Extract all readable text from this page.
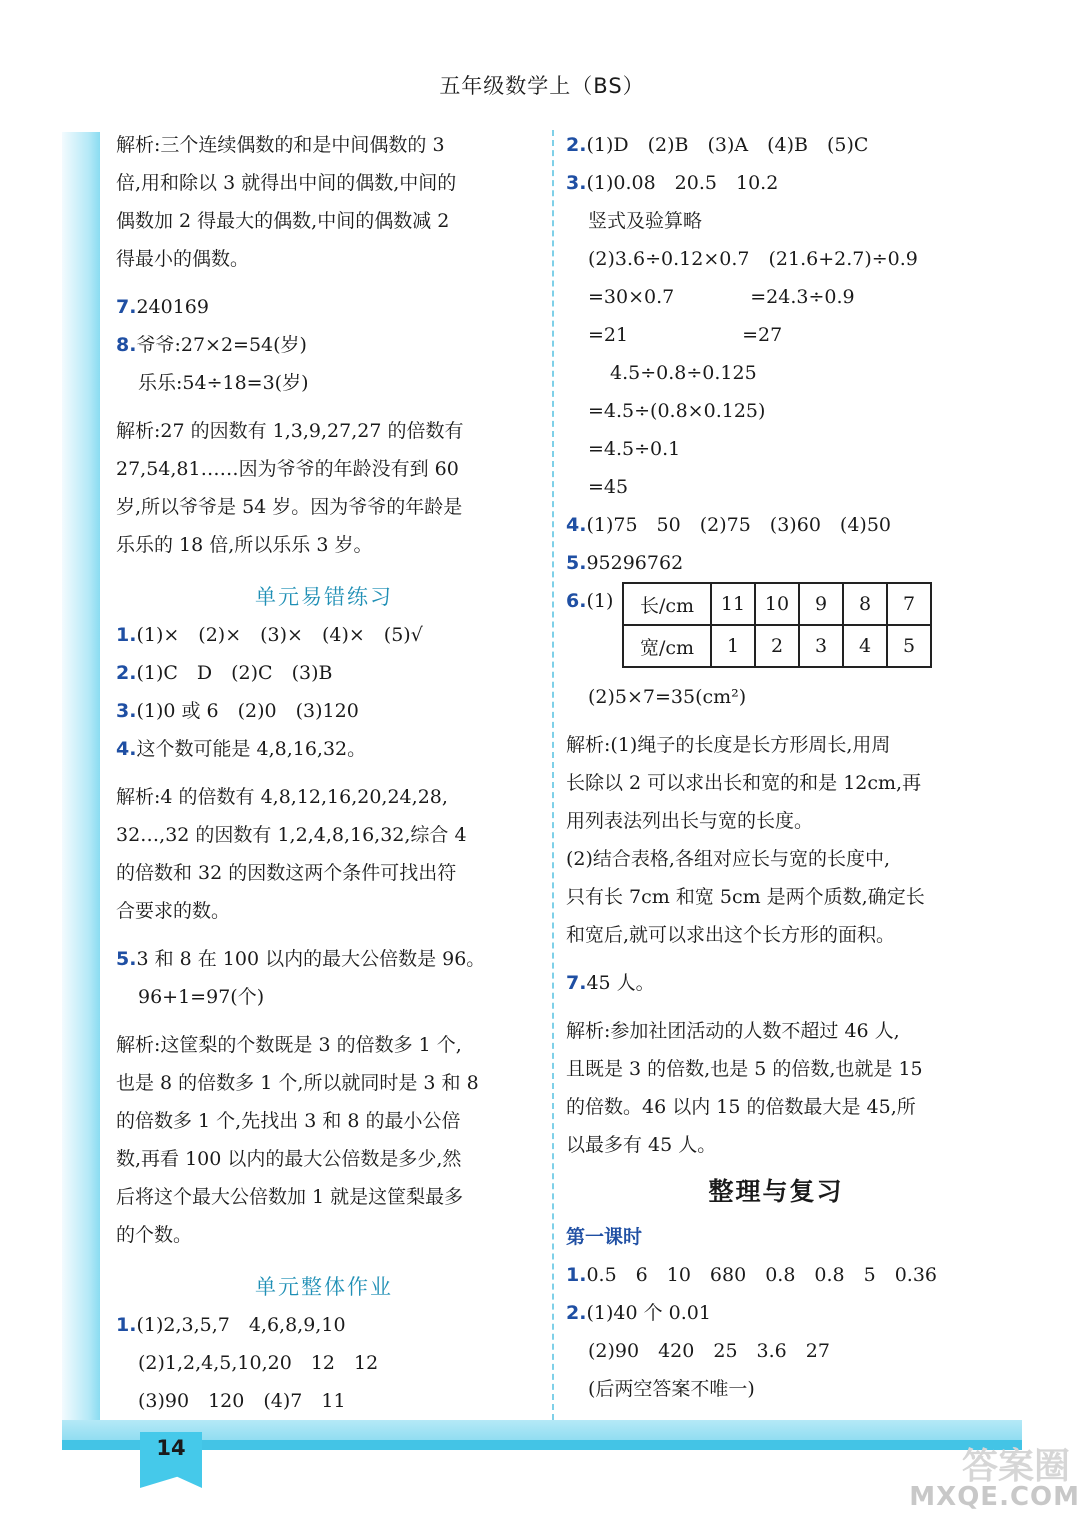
五年级数学上（BS）
14
解析:三个连续偶数的和是中间偶数的 3
倍,用和除以 3 就得出中间的偶数,中间的
偶数加 2 得最大的偶数,中间的偶数减 2
得最小的偶数。
7.240169
8.爷爷:27×2=54(岁)
乐乐:54÷18=3(岁)
解析:27 的因数有 1,3,9,27,27 的倍数有
27,54,81……因为爷爷的年龄没有到 60
岁,所以爷爷是 54 岁。因为爷爷的年龄是
乐乐的 18 倍,所以乐乐 3 岁。
单元易错练习
1.(1)×　(2)×　(3)×　(4)×　(5)√
2.(1)C　D　(2)C　(3)B
3.(1)0 或 6　(2)0　(3)120
4.这个数可能是 4,8,16,32。
解析:4 的倍数有 4,8,12,16,20,24,28,
32…,32 的因数有 1,2,4,8,16,32,综合 4
的倍数和 32 的因数这两个条件可找出符
合要求的数。
5.3 和 8 在 100 以内的最大公倍数是 96。
96+1=97(个)
解析:这筐梨的个数既是 3 的倍数多 1 个,
也是 8 的倍数多 1 个,所以就同时是 3 和 8
的倍数多 1 个,先找出 3 和 8 的最小公倍
数,再看 100 以内的最大公倍数是多少,然
后将这个最大公倍数加 1 就是这筐梨最多
的个数。
单元整体作业
1.(1)2,3,5,7　4,6,8,9,10
(2)1,2,4,5,10,20　12　12
(3)90　120　(4)7　11
2.(1)D　(2)B　(3)A　(4)B　(5)C
3.(1)0.08　20.5　10.2
竖式及验算略
(2)3.6÷0.12×0.7　(21.6+2.7)÷0.9
=30×0.7　　　　=24.3÷0.9
=21　　　　　　=27
4.5÷0.8÷0.125
=4.5÷(0.8×0.125)
=4.5÷0.1
=45
4.(1)75　50　(2)75　(3)60　(4)50
5.95296762
6.(1) 长/cm	11	10	9	8	7
宽/cm	1	2	3	4	5
(2)5×7=35(cm²)
解析:(1)绳子的长度是长方形周长,用周
长除以 2 可以求出长和宽的和是 12cm,再
用列表法列出长与宽的长度。
(2)结合表格,各组对应长与宽的长度中,
只有长 7cm 和宽 5cm 是两个质数,确定长
和宽后,就可以求出这个长方形的面积。
7.45 人。
解析:参加社团活动的人数不超过 46 人,
且既是 3 的倍数,也是 5 的倍数,也就是 15
的倍数。46 以内 15 的倍数最大是 45,所
以最多有 45 人。
整理与复习
第一课时
1.0.5　6　10　680　0.8　0.8　5　0.36
2.(1)40 个 0.01
(2)90　420　25　3.6　27
(后两空答案不唯一)
答案圈
MXQE.COM
